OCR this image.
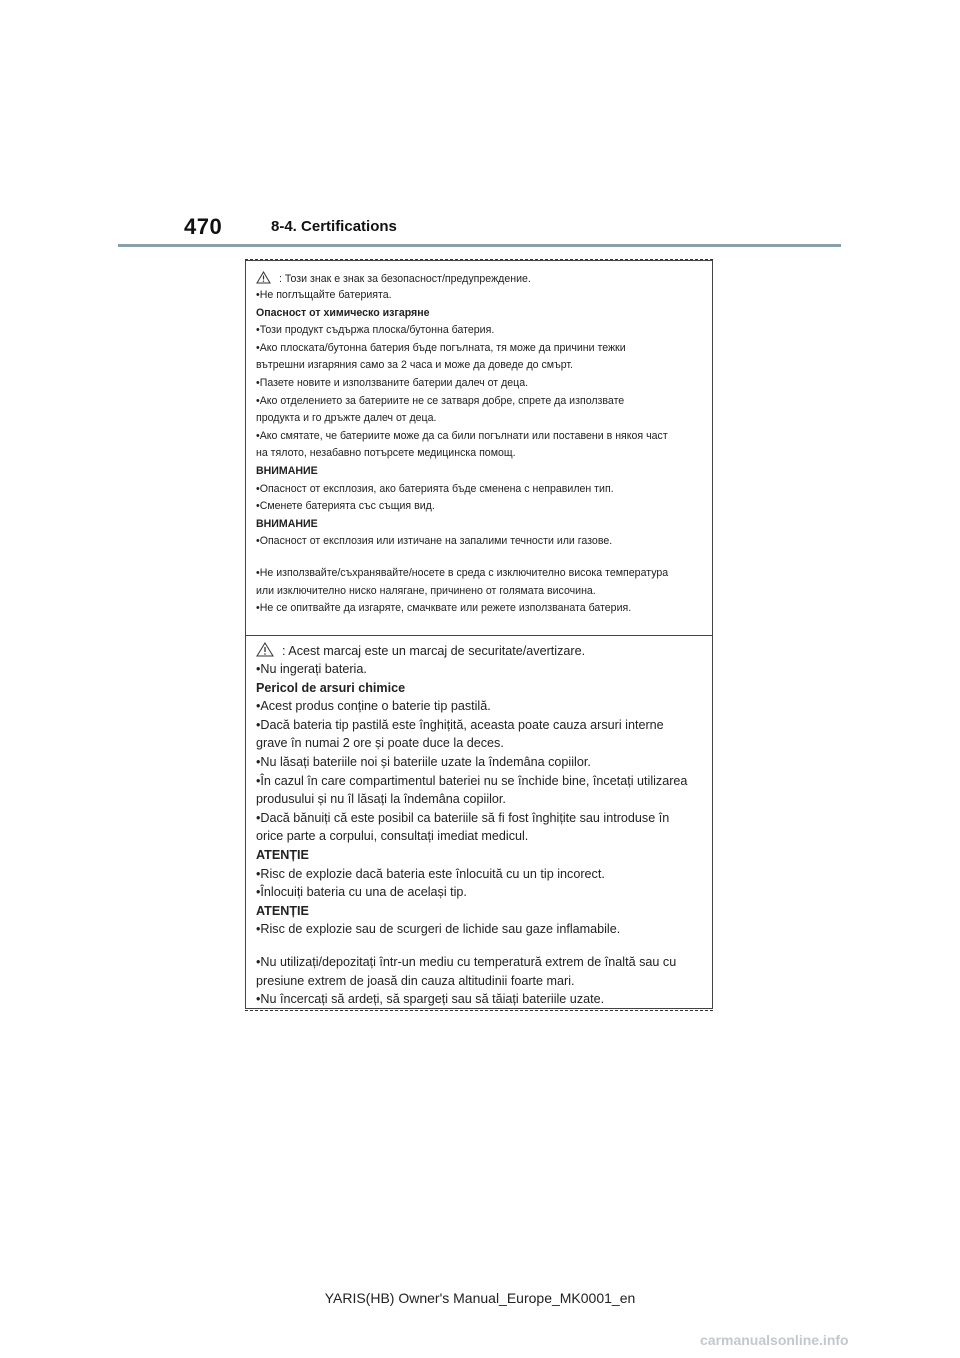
470	8-4. Certifications
: Този знак е знак за безопасност/предупреждение.
•Не поглъщайте батерията.
Опасност от химическо изгаряне
•Този продукт съдържа плоска/бутонна батерия.
•Ако плоската/бутонна батерия бъде погълната, тя може да причини тежки
вътрешни изгаряния само за 2 часа и може да доведе до смърт.
•Пазете новите и използваните батерии далеч от деца.
•Ако отделението за батериите не се затваря добре, спрете да използвате
продукта и го дръжте далеч от деца.
•Ако смятате, че батериите може да са били погълнати или поставени в някоя част
на тялото, незабавно потърсете медицинска помощ.
ВНИМАНИЕ
•Опасност от експлозия, ако батерията бъде сменена с неправилен тип.
•Сменете батерията със същия вид.
ВНИМАНИЕ
•Опасност от експлозия или изтичане на запалими течности или газове.
•Не използвайте/съхранявайте/носете в среда с изключително висока температура
или изключително ниско налягане, причинено от голямата височина.
•Не се опитвайте да изгаряте, смачквате или режете използваната батерия.
: Acest marcaj este un marcaj de securitate/avertizare.
•Nu ingerați bateria.
Pericol de arsuri chimice
•Acest produs conține o baterie tip pastilă.
•Dacă bateria tip pastilă este înghițită, aceasta poate cauza arsuri interne
grave în numai 2 ore și poate duce la deces.
•Nu lăsați bateriile noi și bateriile uzate la îndemâna copiilor.
•În cazul în care compartimentul bateriei nu se închide bine, încetați utilizarea
produsului și nu îl lăsați la îndemâna copiilor.
•Dacă bănuiți că este posibil ca bateriile să fi fost înghițite sau introduse în
orice parte a corpului, consultați imediat medicul.
ATENȚIE
•Risc de explozie dacă bateria este înlocuită cu un tip incorect.
•Înlocuiți bateria cu una de același tip.
ATENȚIE
•Risc de explozie sau de scurgeri de lichide sau gaze inflamabile.
•Nu utilizați/depozitați într-un mediu cu temperatură extrem de înaltă sau cu
presiune extrem de joasă din cauza altitudinii foarte mari.
•Nu încercați să ardeți, să spargeți sau să tăiați bateriile uzate.
YARIS(HB) Owner's Manual_Europe_MK0001_en
carmanualsonline.info
